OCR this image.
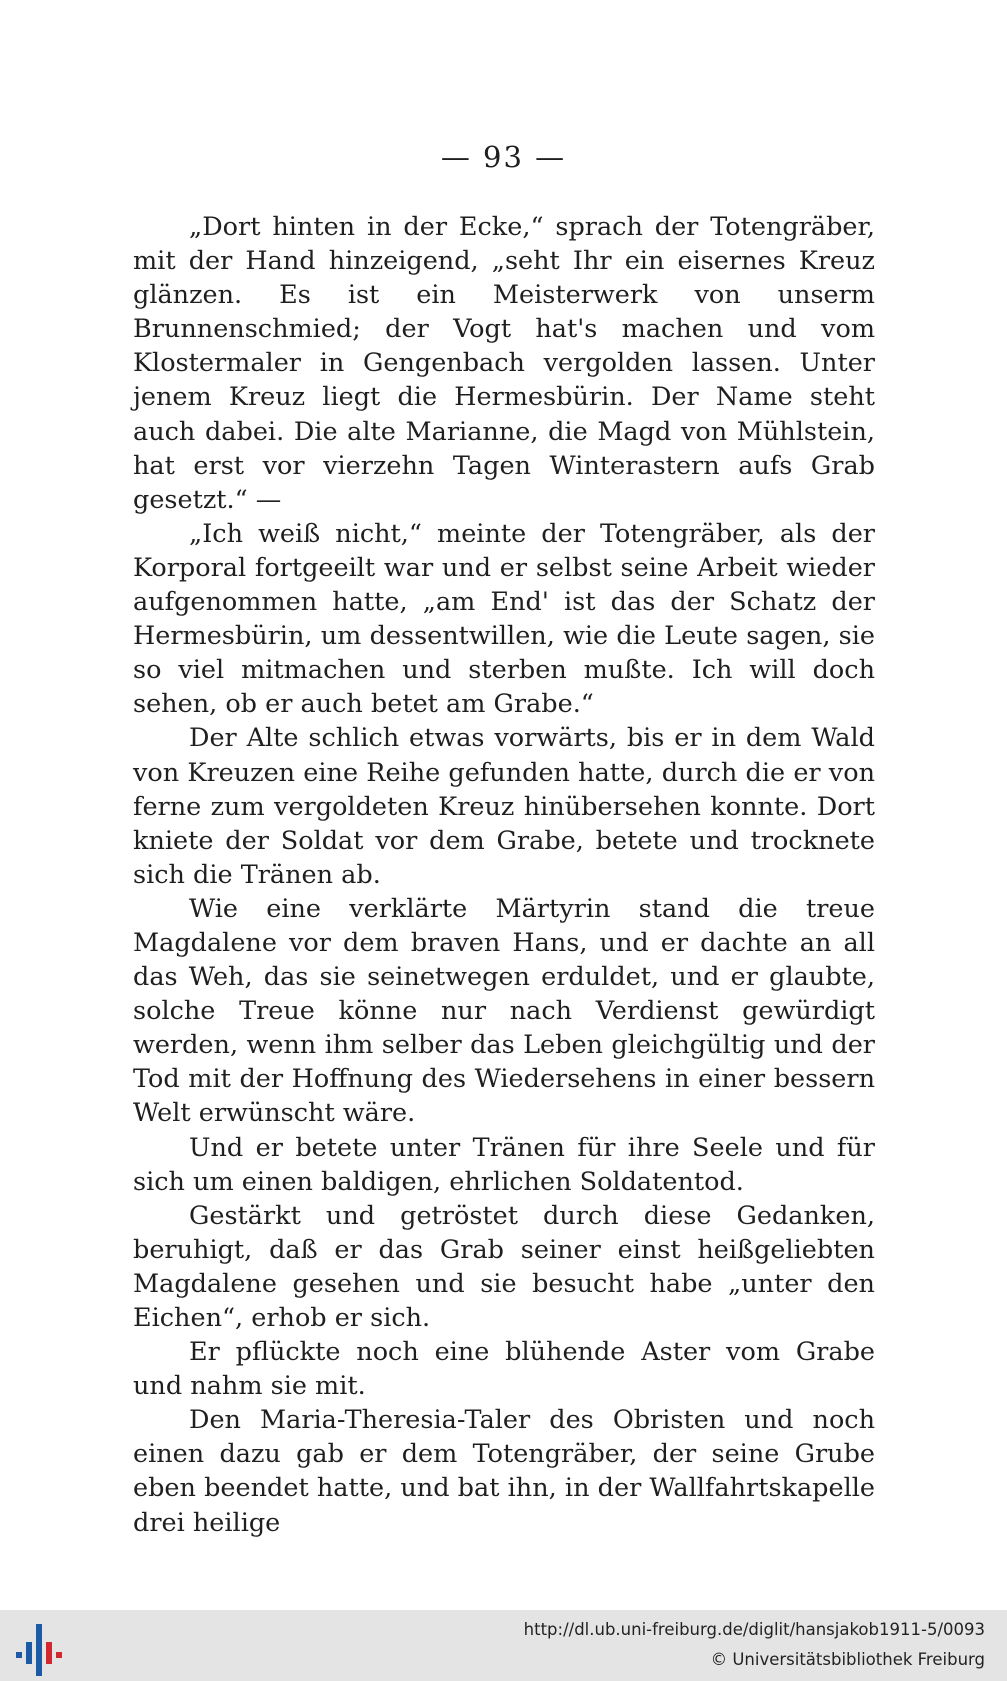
— 93 —

„Dort hinten in der Ecke,“ sprach der Totengräber, mit der Hand hinzeigend, „seht Ihr ein eisernes Kreuz glänzen. Es ist ein Meisterwerk von unserm Brunnenschmied; der Vogt hat's machen und vom Klostermaler in Gengenbach vergolden lassen. Unter jenem Kreuz liegt die Hermesbürin. Der Name steht auch dabei. Die alte Marianne, die Magd von Mühlstein, hat erst vor vierzehn Tagen Winterastern aufs Grab gesetzt.“ —

„Ich weiß nicht,“ meinte der Totengräber, als der Korporal fortgeeilt war und er selbst seine Arbeit wieder aufgenommen hatte, „am End' ist das der Schatz der Hermesbürin, um dessentwillen, wie die Leute sagen, sie so viel mitmachen und sterben mußte. Ich will doch sehen, ob er auch betet am Grabe.“

Der Alte schlich etwas vorwärts, bis er in dem Wald von Kreuzen eine Reihe gefunden hatte, durch die er von ferne zum vergoldeten Kreuz hinübersehen konnte. Dort kniete der Soldat vor dem Grabe, betete und trocknete sich die Tränen ab.

Wie eine verklärte Märtyrin stand die treue Magdalene vor dem braven Hans, und er dachte an all das Weh, das sie seinetwegen erduldet, und er glaubte, solche Treue könne nur nach Verdienst gewürdigt werden, wenn ihm selber das Leben gleichgültig und der Tod mit der Hoffnung des Wiedersehens in einer bessern Welt erwünscht wäre.

Und er betete unter Tränen für ihre Seele und für sich um einen baldigen, ehrlichen Soldatentod.

Gestärkt und getröstet durch diese Gedanken, beruhigt, daß er das Grab seiner einst heißgeliebten Magdalene gesehen und sie besucht habe „unter den Eichen“, erhob er sich.

Er pflückte noch eine blühende Aster vom Grabe und nahm sie mit.

Den Maria-Theresia-Taler des Obristen und noch einen dazu gab er dem Totengräber, der seine Grube eben beendet hatte, und bat ihn, in der Wallfahrtskapelle drei heilige

http://dl.ub.uni-freiburg.de/diglit/hansjakob1911-5/0093
© Universitätsbibliothek Freiburg
